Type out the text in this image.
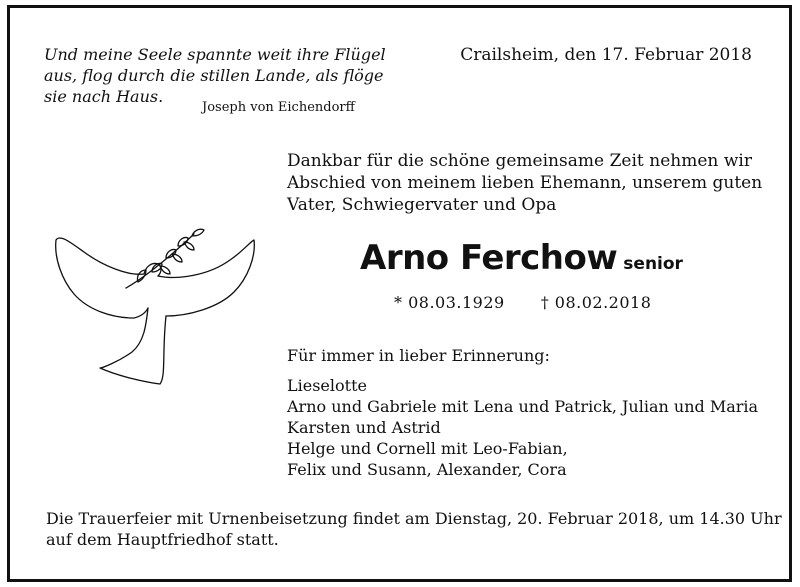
Und meine Seele spannte weit ihre Flügel
aus, flog durch die stillen Lande, als flöge
sie nach Haus.
Joseph von Eichendorff
Crailsheim, den 17. Februar 2018
Dankbar für die schöne gemeinsame Zeit nehmen wir
Abschied von meinem lieben Ehemann, unserem guten
Vater, Schwiegervater und Opa
Arno Ferchow senior
* 08.03.1929 † 08.02.2018
Für immer in lieber Erinnerung:
Lieselotte
Arno und Gabriele mit Lena und Patrick, Julian und Maria
Karsten und Astrid
Helge und Cornell mit Leo-Fabian,
Felix und Susann, Alexander, Cora
Die Trauerfeier mit Urnenbeisetzung findet am Dienstag, 20. Februar 2018, um 14.30 Uhr
auf dem Hauptfriedhof statt.
